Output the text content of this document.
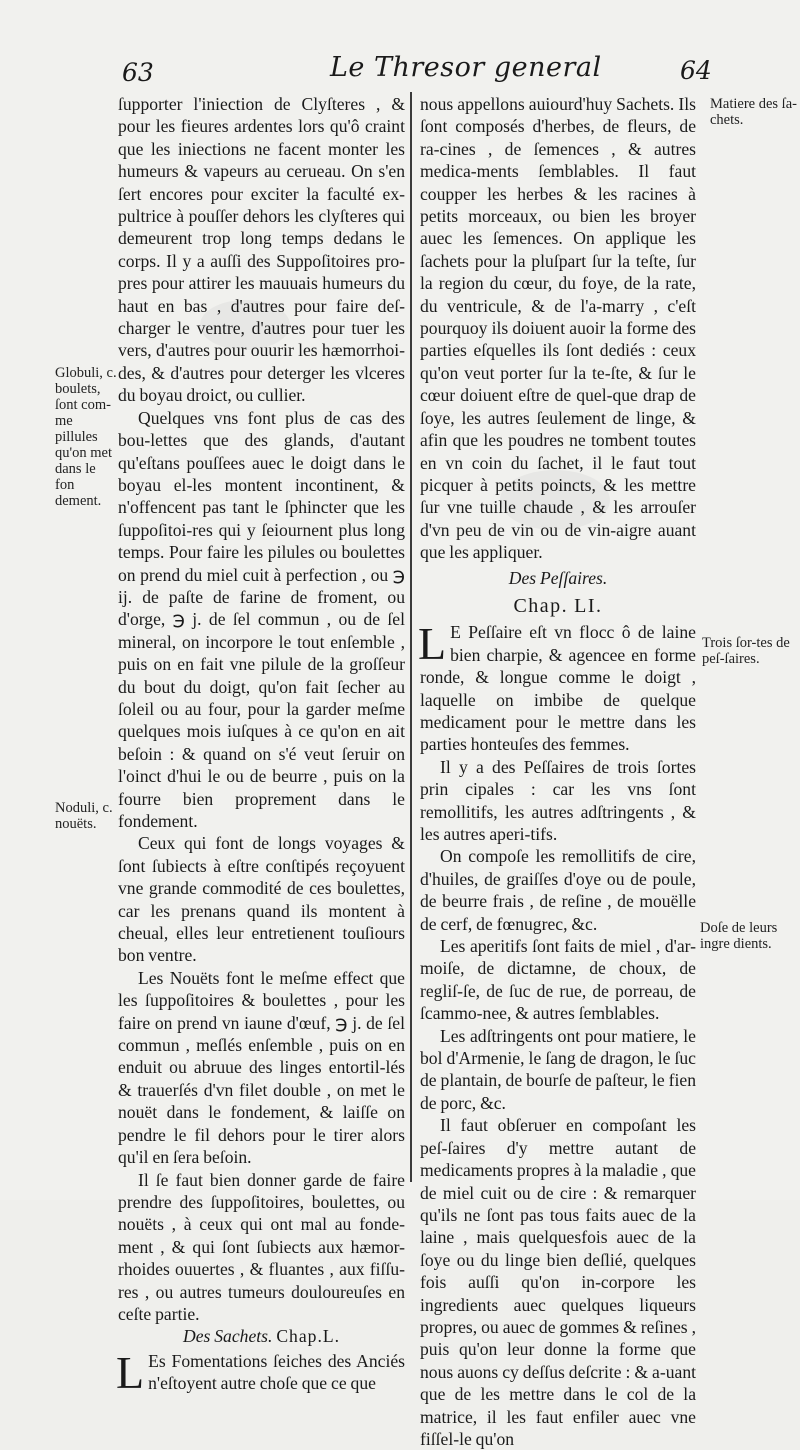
63	Le Thresor general	64

ſupporter l'iniection de Clyſteres , & pour les fieures ardentes lors qu'ô craint que les iniections ne facent monter les humeurs & vapeurs au cerueau. On s'en ſert encores pour exciter la faculté ex-pultrice à pouſſer dehors les clyſteres qui demeurent trop long temps dedans le corps. Il y a auſſi des Suppoſitoires pro-pres pour attirer les mauuais humeurs du haut en bas , d'autres pour faire deſ-charger le ventre, d'autres pour tuer les vers, d'autres pour ouurir les hæmorrhoi-des, & d'autres pour deterger les vlceres du boyau droict, ou cullier.

Quelques vns font plus de cas des bou-lettes que des glands, d'autant qu'eſtans pouſſees auec le doigt dans le boyau el-les montent incontinent, & n'offencent pas tant le ſphincter que les ſuppoſitoi-res qui y ſeiournent plus long temps. Pour faire les pilules ou boulettes on prend du miel cuit à perfection , ou ℈ ij. de paſte de farine de froment, ou d'orge, ℈ j. de ſel commun , ou de ſel mineral, on incorpore le tout enſemble , puis on en fait vne pilule de la groſſeur du bout du doigt, qu'on fait ſecher au ſoleil ou au four, pour la garder meſme quelques mois iuſques à ce qu'on en ait beſoin : & quand on s'é veut ſeruir on l'oinct d'hui le ou de beurre , puis on la fourre bien proprement dans le fondement.

Ceux qui font de longs voyages & ſont ſubiects à eſtre conſtipés reçoyuent vne grande commodité de ces boulettes, car les prenans quand ils montent à cheual, elles leur entretienent touſiours bon ventre.

Les Nouëts font le meſme effect que les ſuppoſitoires & boulettes , pour les faire on prend vn iaune d'œuf, ℈ j. de ſel commun , meſlés enſemble , puis on en enduit ou abruue des linges entortil-lés & trauerſés d'vn filet double , on met le nouët dans le fondement, & laiſſe on pendre le fil dehors pour le tirer alors qu'il en ſera beſoin.

Il ſe faut bien donner garde de faire prendre des ſuppoſitoires, boulettes, ou nouëts , à ceux qui ont mal au fonde-ment , & qui ſont ſubiects aux hæmor-rhoides ouuertes , & fluantes , aux fiſſu-res , ou autres tumeurs douloureuſes en ceſte partie.

Des Sachets. Chap.L.

L Es Fomentations ſeiches des Anciés n'eſtoyent autre choſe que ce que

nous appellons auiourd'huy Sachets. Ils ſont composés d'herbes, de fleurs, de ra-cines , de ſemences , & autres medica-ments ſemblables. Il faut coupper les herbes & les racines à petits morceaux, ou bien les broyer auec les ſemences. On applique les ſachets pour la pluſpart ſur la teſte, ſur la region du cœur, du foye, de la rate, du ventricule, & de l'a-marry , c'eſt pourquoy ils doiuent auoir la forme des parties eſquelles ils ſont dediés : ceux qu'on veut porter ſur la te-ſte, & ſur le cœur doiuent eſtre de quel-que drap de ſoye, les autres ſeulement de linge, & afin que les poudres ne tombent toutes en vn coin du ſachet, il le faut tout picquer à petits poincts, & les mettre ſur vne tuille chaude , & les arrouſer d'vn peu de vin ou de vin-aigre auant que les appliquer.

Des Peſſaires.

Chap. LI.

L E Peſſaire eſt vn flocc ô de laine bien charpie, & agencee en forme ronde, & longue comme le doigt , laquelle on imbibe de quelque medicament pour le mettre dans les parties honteuſes des femmes.

Il y a des Peſſaires de trois ſortes prin cipales : car les vns ſont remollitifs, les autres adſtringents , & les autres aperi-tifs.

On compoſe les remollitifs de cire, d'huiles, de graiſſes d'oye ou de poule, de beurre frais , de reſine , de mouëlle de cerf, de fœnugrec, &c.

Les aperitifs ſont faits de miel , d'ar-moiſe, de dictamne, de choux, de regliſ-ſe, de ſuc de rue, de porreau, de ſcammo-nee, & autres ſemblables.

Les adſtringents ont pour matiere, le bol d'Armenie, le ſang de dragon, le ſuc de plantain, de bourſe de paſteur, le fien de porc, &c.

Il faut obſeruer en compoſant les peſ-ſaires d'y mettre autant de medicaments propres à la maladie , que de miel cuit ou de cire : & remarquer qu'ils ne ſont pas tous faits auec de la laine , mais quelquesfois auec de la ſoye ou du linge bien deſlié, quelques fois auſſi qu'on in-corpore les ingredients auec quelques liqueurs propres, ou auec de gommes & reſines , puis qu'on leur donne la forme que nous auons cy deſſus deſcrite : & a-uant que de les mettre dans le col de la matrice, il les faut enfiler auec vne fiſſel-le qu'on

Globuli, c. boulets, ſont com-me pillules qu'on met dans le fon dement.
Noduli, c. nouëts.
Matiere des ſa-chets.
Trois ſor-tes de peſ-ſaires.
Doſe de leurs ingre dients.
